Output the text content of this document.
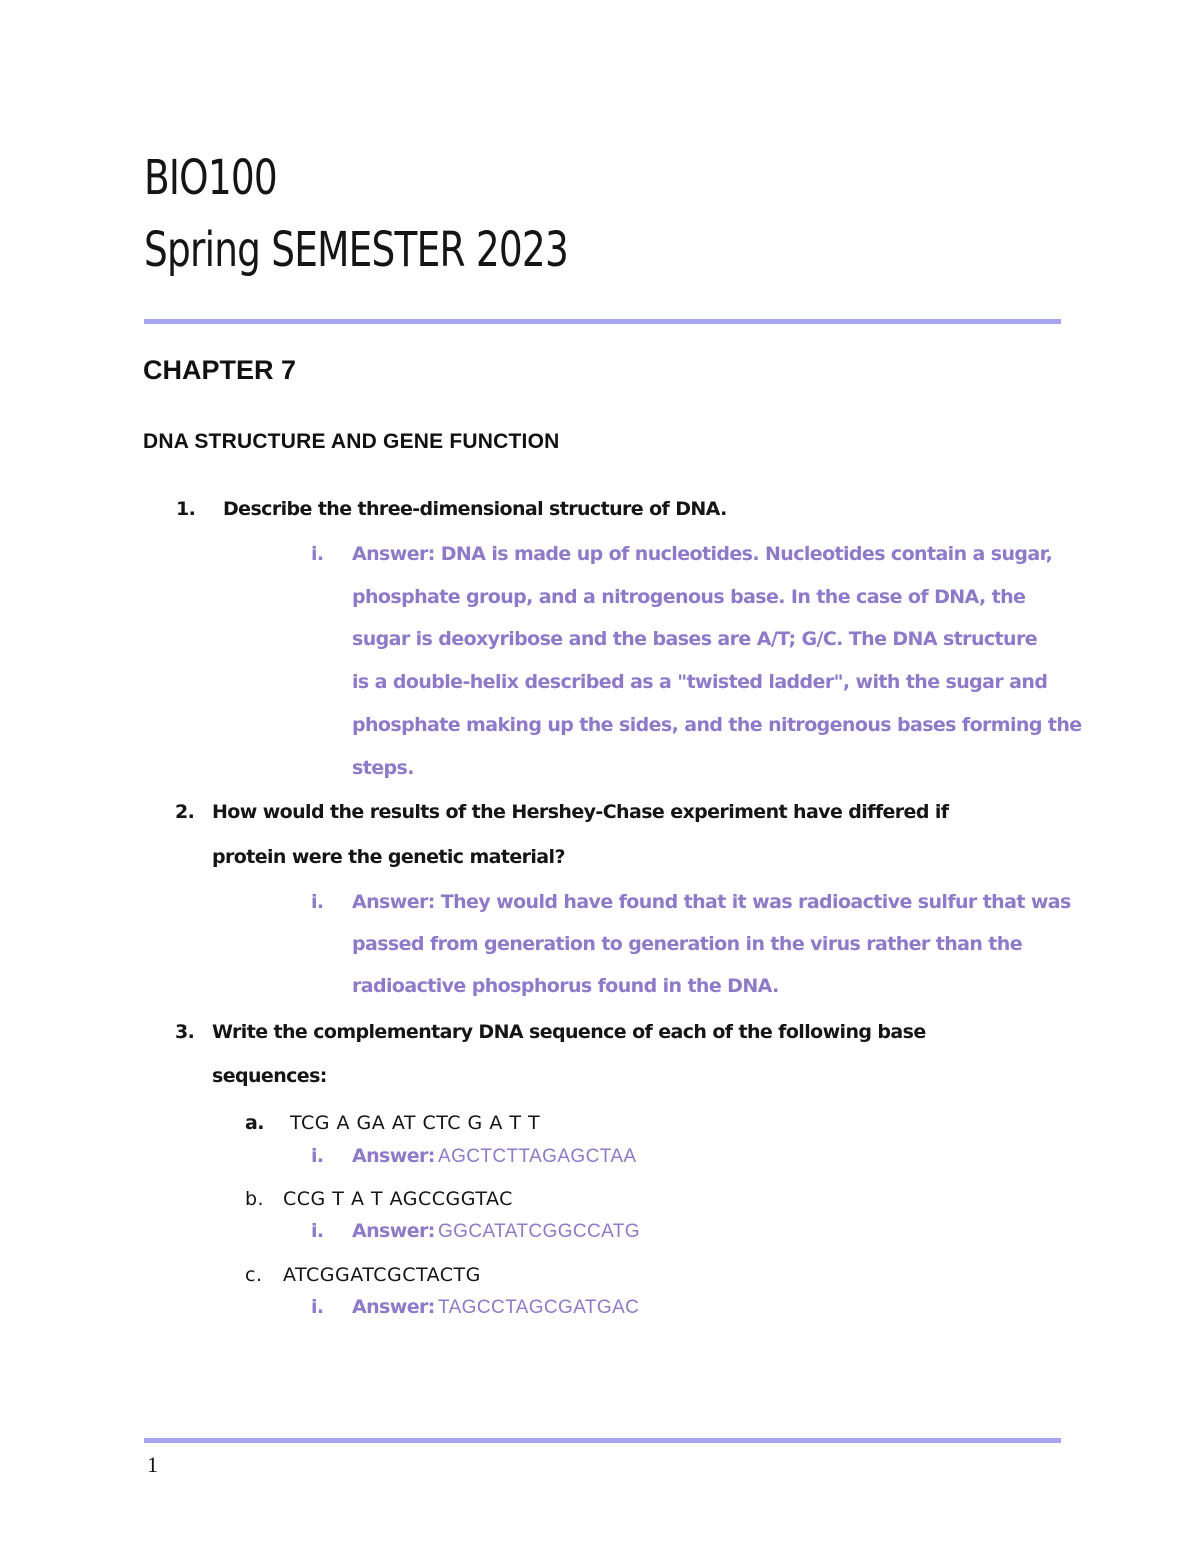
BIO100
Spring SEMESTER 2023
CHAPTER 7
DNA STRUCTURE AND GENE FUNCTION
1. Describe the three-dimensional structure of DNA.
i. Answer: DNA is made up of nucleotides. Nucleotides contain a sugar,
phosphate group, and a nitrogenous base. In the case of DNA, the
sugar is deoxyribose and the bases are A/T; G/C. The DNA structure
is a double-helix described as a "twisted ladder", with the sugar and
phosphate making up the sides, and the nitrogenous bases forming the
steps.
2. How would the results of the Hershey-Chase experiment have differed if
protein were the genetic material?
i. Answer: They would have found that it was radioactive sulfur that was
passed from generation to generation in the virus rather than the
radioactive phosphorus found in the DNA.
3. Write the complementary DNA sequence of each of the following base
sequences:
a. TCG A GA AT CTC G A T T
i. Answer: AGCTCTTAGAGCTAA
b. CCG T A T AGCCGGTAC
i. Answer: GGCATATCGGCCATG
c. ATCGGATCGCTACTG
i. Answer: TAGCCTAGCGATGAC
1
